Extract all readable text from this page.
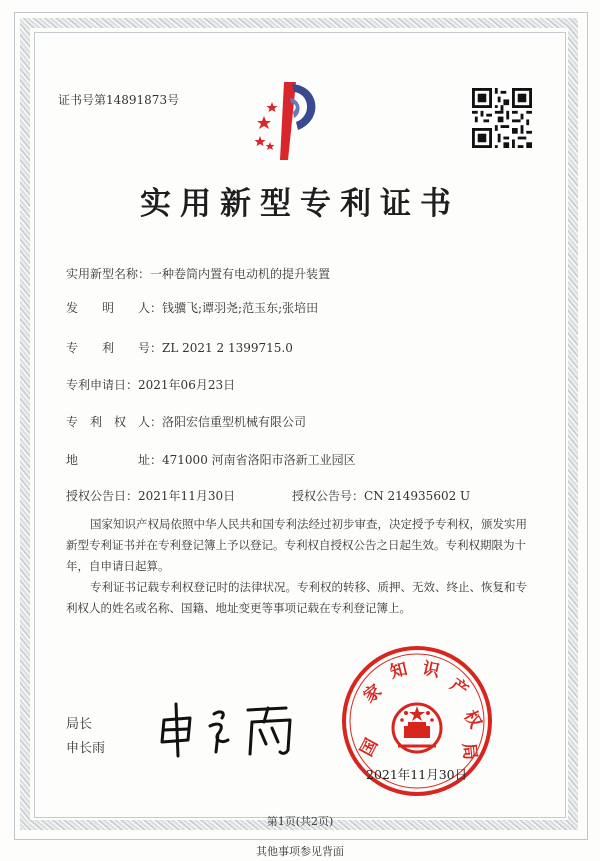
证书号第14891873号
实用新型专利证书
实用新型名称：一种卷筒内置有电动机的提升装置
发　　明　　人：钱骥飞;谭羽尧;范玉东;张培田
专　　利　　号：ZL 2021 2 1399715.0
专利申请日：2021年06月23日
专　利　权　人：洛阳宏信重型机械有限公司
地　　　　　址：471000 河南省洛阳市洛新工业园区
授权公告日：2021年11月30日	授权公告号：CN 214935602 U
国家知识产权局依照中华人民共和国专利法经过初步审查，决定授予专利权，颁发实用新型专利证书并在专利登记簿上予以登记。专利权自授权公告之日起生效。专利权期限为十年，自申请日起算。
专利证书记载专利权登记时的法律状况。专利权的转移、质押、无效、终止、恢复和专利权人的姓名或名称、国籍、地址变更等事项记载在专利登记簿上。
局长
申长雨	国
家
知 识
产
权
局
2021年11月30日
第1页(共2页)
其他事项参见背面
